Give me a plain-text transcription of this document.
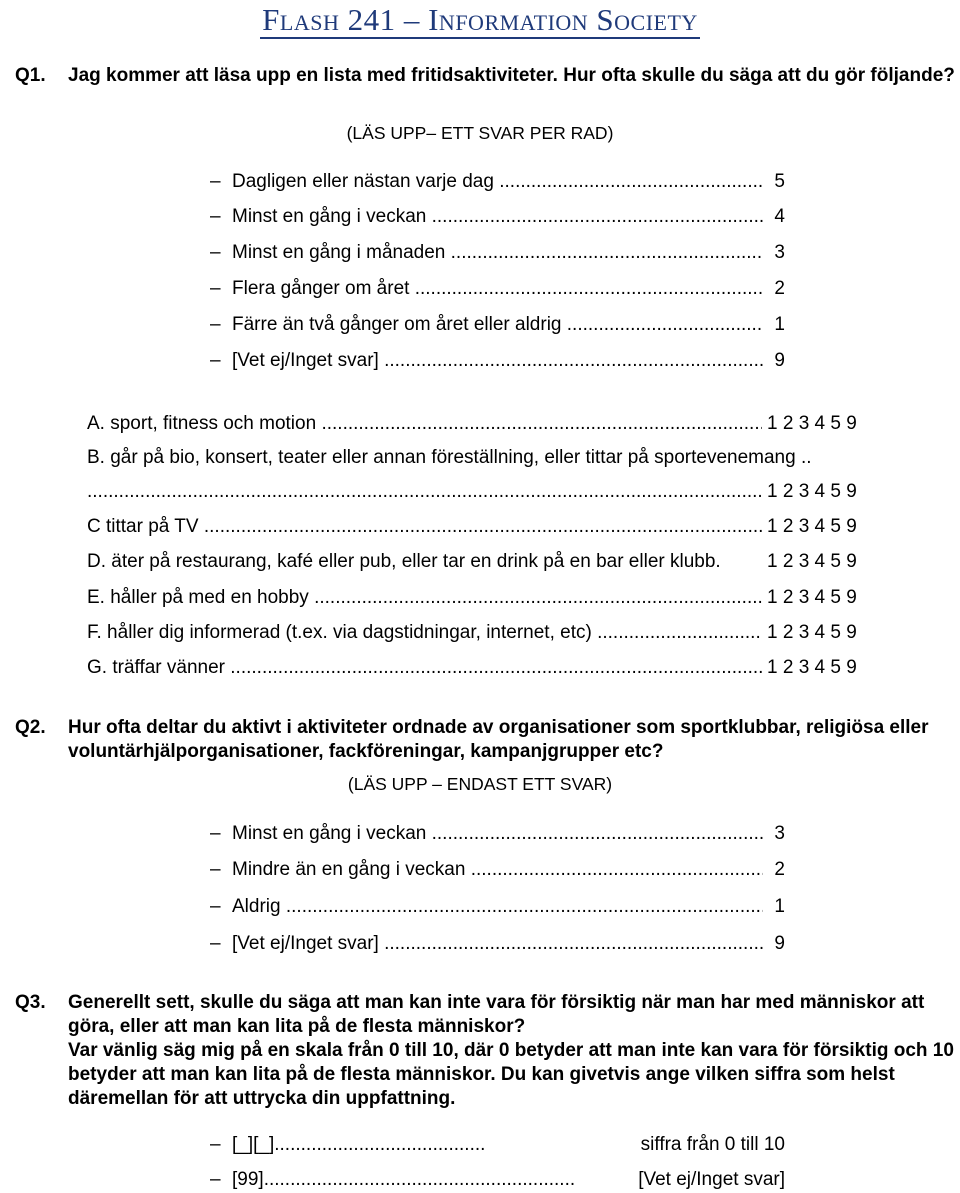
Flash 241 – Information Society
Q1. Jag kommer att läsa upp en lista med fritidsaktiviteter. Hur ofta skulle du säga att du gör följande?
(LÄS UPP– ETT SVAR PER RAD)
– Dagligen eller nästan varje dag .....	5
– Minst en gång i veckan .....	4
– Minst en gång i månaden .....	3
– Flera gånger om året .....	2
– Färre än två gånger om året eller aldrig .....	1
– [Vet ej/Inget svar] .....	9
A. sport, fitness och motion .....	1 2 3 4 5 9
B. går på bio, konsert, teater eller annan föreställning, eller tittar på sportevenemang ..
.....
1 2 3 4 5 9
C tittar på TV .....	1 2 3 4 5 9
D. äter på restaurang, kafé eller pub, eller tar en drink på en bar eller klubb.	1 2 3 4 5 9
E. håller på med en hobby .....	1 2 3 4 5 9
F. håller dig informerad (t.ex. via dagstidningar, internet, etc) .....	1 2 3 4 5 9
G. träffar vänner .....	1 2 3 4 5 9
Q2. Hur ofta deltar du aktivt i aktiviteter ordnade av organisationer som sportklubbar, religiösa eller voluntärhjälporganisationer, fackföreningar, kampanjgrupper etc?
(LÄS UPP – ENDAST ETT SVAR)
– Minst en gång i veckan .....	3
– Mindre än en gång i veckan .....	2
– Aldrig .....	1
– [Vet ej/Inget svar] .....	9
Q3. Generellt sett, skulle du säga att man kan inte vara för försiktig när man har med människor att göra, eller att man kan lita på de flesta människor?
Var vänlig säg mig på en skala från 0 till 10, där 0 betyder att man inte kan vara för försiktig och 10 betyder att man kan lita på de flesta människor. Du kan givetvis ange vilken siffra som helst däremellan för att uttrycka din uppfattning.
– [_][_]........................................	siffra från 0 till 10
– [99]...........................................................	[Vet ej/Inget svar]
